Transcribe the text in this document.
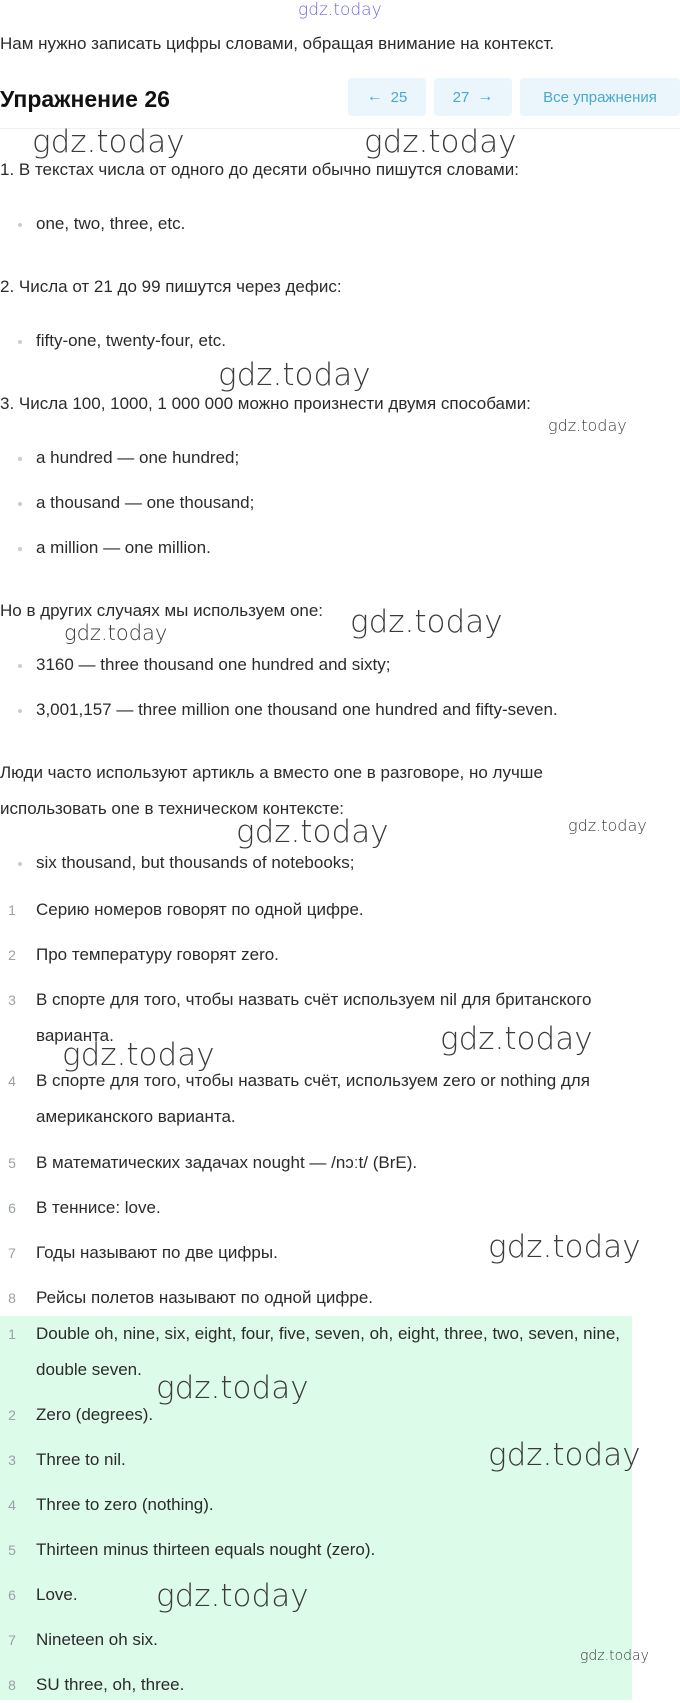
gdz.today
Нам нужно записать цифры словами, обращая внимание на контекст.
Упражнение 26	← 25	27 →	Все упражнения
1. В текстах числа от одного до десяти обычно пишутся словами:
one, two, three, etc.
2. Числа от 21 до 99 пишутся через дефис:
fifty-one, twenty-four, etc.
3. Числа 100, 1000, 1 000 000 можно произнести двумя способами:
a hundred — one hundred;
a thousand — one thousand;
a million — one million.
Но в других случаях мы используем one:
3160 — three thousand one hundred and sixty;
3,001,157 — three million one thousand one hundred and fifty-seven.
Люди часто используют артикль a вместо one в разговоре, но лучше использовать one в техническом контексте:
six thousand, but thousands of notebooks;
1	Серию номеров говорят по одной цифре.
2	Про температуру говорят zero.
3	В спорте для того, чтобы назвать счёт используем nil для британского варианта.
4	В спорте для того, чтобы назвать счёт, используем zero or nothing для американского варианта.
5	В математических задачах nought — /nɔːt/ (BrE).
6	В теннисе: love.
7	Годы называют по две цифры.
8	Рейсы полетов называют по одной цифре.
1	Double oh, nine, six, eight, four, five, seven, oh, eight, three, two, seven, nine, double seven.
2	Zero (degrees).
3	Three to nil.
4	Three to zero (nothing).
5	Thirteen minus thirteen equals nought (zero).
6	Love.
7	Nineteen oh six.
8	SU three, oh, three.
gdz.today	gdz.today
gdz.today
gdz.today
gdz.today	gdz.today
gdz.today	gdz.today
gdz.today	gdz.today
gdz.today
gdz.today
gdz.today
gdz.today
gdz.today
